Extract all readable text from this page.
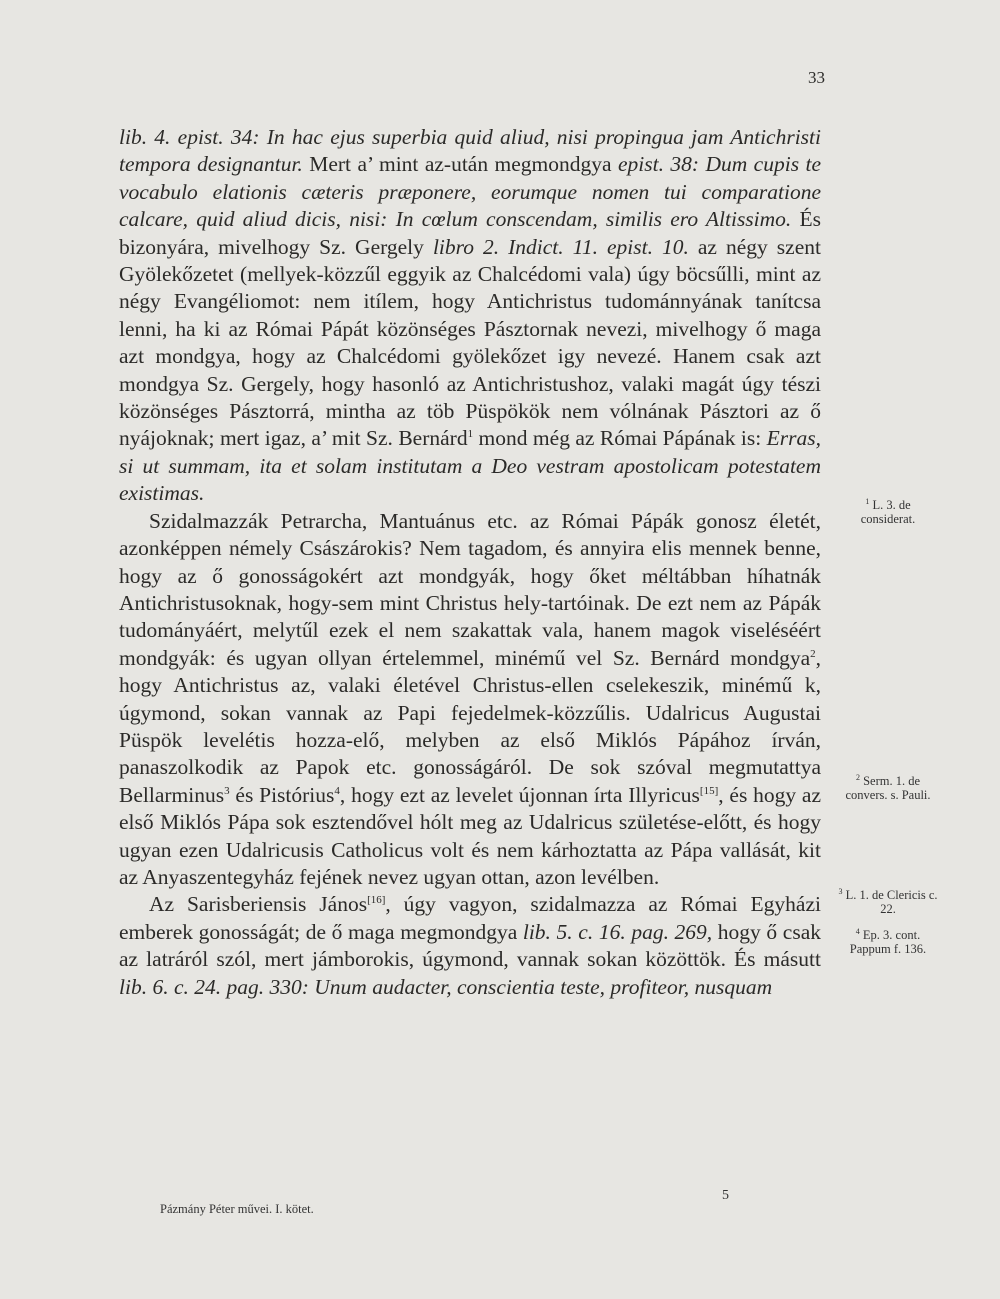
33

lib. 4. epist. 34: In hac ejus superbia quid aliud, nisi propingua jam Antichristi tempora designantur. Mert a’ mint az-után megmondgya epist. 38: Dum cupis te vocabulo elationis cæteris præponere, eorumque nomen tui comparatione calcare, quid aliud dicis, nisi: In cœlum conscendam, similis ero Altissimo. És bizonyára, mivelhogy Sz. Gergely libro 2. Indict. 11. epist. 10. az négy szent Gyölekőzetet (mellyek-közzűl eggyik az Chalcédomi vala) úgy böcsűlli, mint az négy Evangéliomot: nem itílem, hogy Antichristus tudománnyának tanítcsa lenni, ha ki az Római Pápát közönséges Pásztornak nevezi, mivelhogy ő maga azt mondgya, hogy az Chalcédomi gyölekőzet igy nevezé. Hanem csak azt mondgya Sz. Gergely, hogy hasonló az Antichristushoz, valaki magát úgy tészi közönséges Pásztorrá, mintha az töb Püspökök nem vólnának Pásztori az ő nyájoknak; mert igaz, a’ mit Sz. Bernárd$^1$ mond még az Római Pápának is: Erras, si ut summam, ita et solam institutam a Deo vestram apostolicam potestatem existimas.

Szidalmazzák Petrarcha, Mantuánus etc. az Római Pápák gonosz életét, azonképpen némely Császárokis? Nem tagadom, és annyira elis mennek benne, hogy az ő gonosságokért azt mondgyák, hogy őket méltábban híhatnák Antichristusoknak, hogy-sem mint Christus hely-tartóinak. De ezt nem az Pápák tudományáért, melytűl ezek el nem szakattak vala, hanem magok viseléséért mondgyák: és ugyan ollyan értelemmel, minémű vel Sz. Bernárd mondgya$^2$, hogy Antichristus az, valaki életével Christus-ellen cselekeszik, minémű k, úgymond, sokan vannak az Papi fejedelmek-közzűlis. Udalricus Augustai Püspök levelétis hozza-elő, melyben az első Miklós Pápához írván, panaszolkodik az Papok etc. gonosságáról. De sok szóval megmutattya Bellarminus$^3$ és Pistórius$^4$, hogy ezt az levelet újonnan írta Illyricus[15], és hogy az első Miklós Pápa sok esztendővel hólt meg az Udalricus születése-előtt, és hogy ugyan ezen Udalricusis Catholicus volt és nem kárhoztatta az Pápa vallását, kit az Anyaszentegyház fejének nevez ugyan ottan, azon levélben.

Az Sarisberiensis János[16], úgy vagyon, szidalmazza az Római Egyházi emberek gonosságát; de ő maga megmondgya lib. 5. c. 16. pag. 269, hogy ő csak az latráról szól, mert jámborokis, úgymond, vannak sokan közöttök. És másutt lib. 6. c. 24. pag. 330: Unum audacter, conscientia teste, profiteor, nusquam

$^1$ L. 3. de considerat.
$^2$ Serm. 1. de convers. s. Pauli.
$^3$ L. 1. de Clericis c. 22.
$^4$ Ep. 3. cont. Pappum f. 136.
Pázmány Péter művei. I. kötet.
5
